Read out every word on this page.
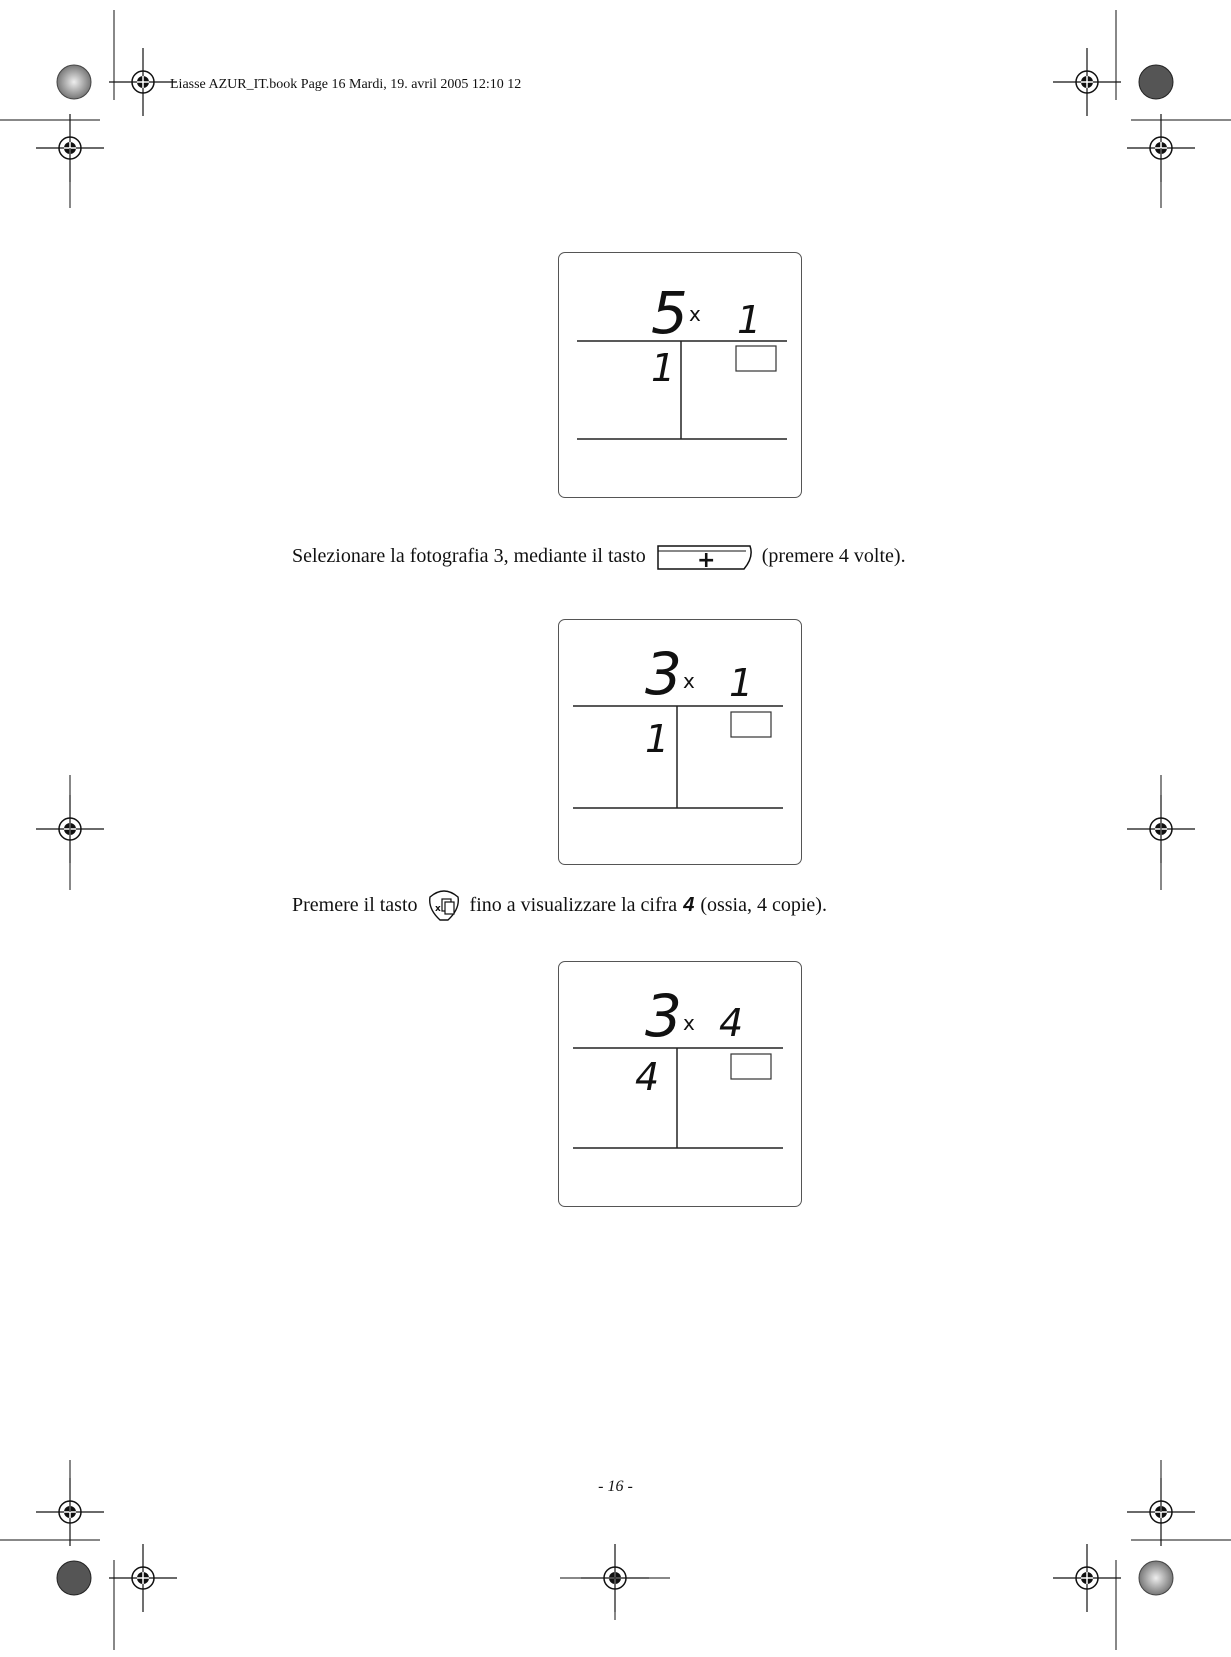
Liasse AZUR_IT.book Page 16 Mardi, 19. avril 2005 12:10 12
5 x 1
1
Selezionare la fotografia 3, mediante il tasto + (premere 4 volte).
3 x 1
1
Premere il tasto x fino a visualizzare la cifra 4 (ossia, 4 copie).
3 x 4
4
- 16 -
